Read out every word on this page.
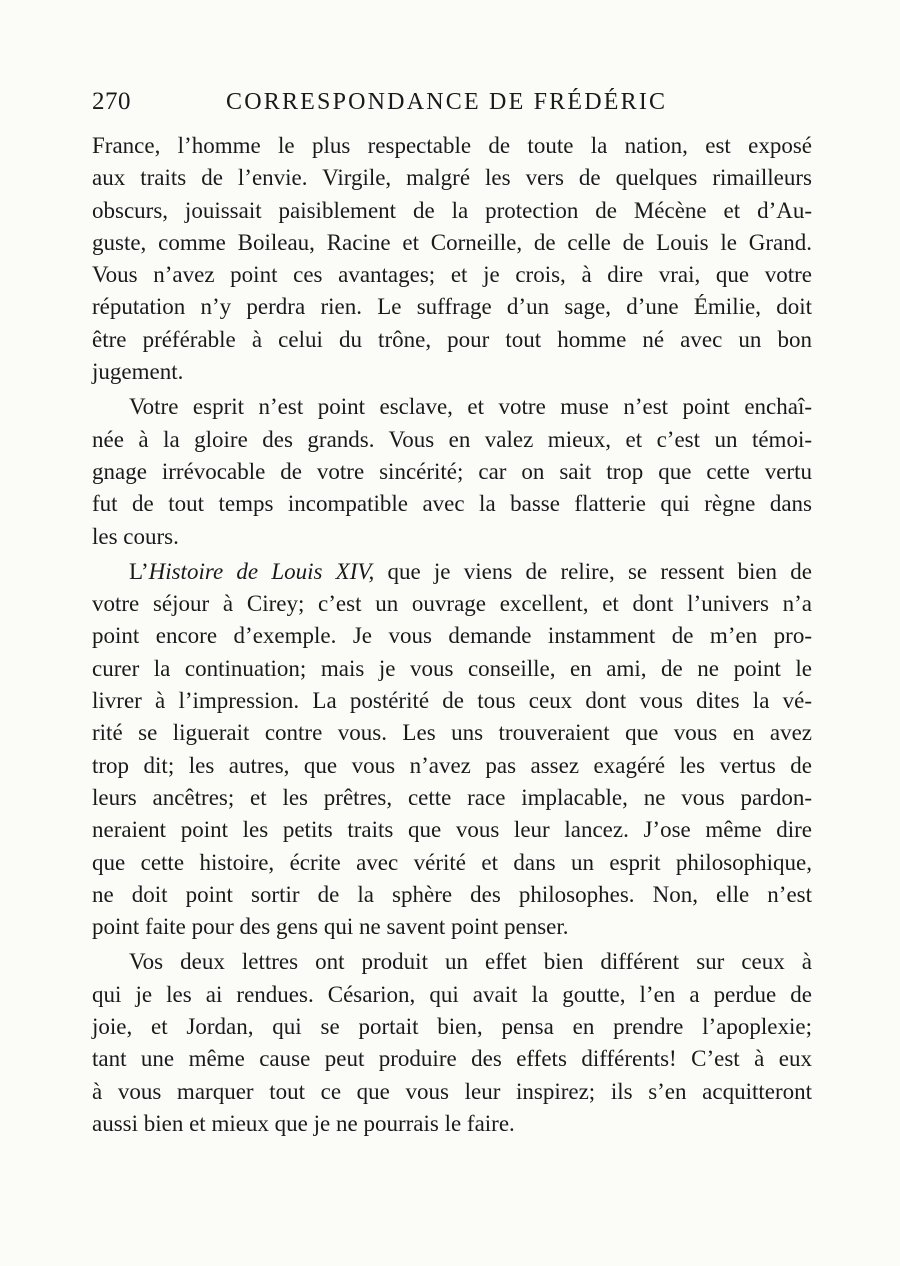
270	CORRESPONDANCE DE FRÉDÉRIC

France, l’homme le plus respectable de toute la nation, est exposé
aux traits de l’envie. Virgile, malgré les vers de quelques rimailleurs
obscurs, jouissait paisiblement de la protection de Mécène et d’Au-
guste, comme Boileau, Racine et Corneille, de celle de Louis le Grand.
Vous n’avez point ces avantages; et je crois, à dire vrai, que votre
réputation n’y perdra rien. Le suffrage d’un sage, d’une Émilie, doit
être préférable à celui du trône, pour tout homme né avec un bon
jugement.

Votre esprit n’est point esclave, et votre muse n’est point enchaî-
née à la gloire des grands. Vous en valez mieux, et c’est un témoi-
gnage irrévocable de votre sincérité; car on sait trop que cette vertu
fut de tout temps incompatible avec la basse flatterie qui règne dans
les cours.

L’Histoire de Louis XIV, que je viens de relire, se ressent bien de
votre séjour à Cirey; c’est un ouvrage excellent, et dont l’univers n’a
point encore d’exemple. Je vous demande instamment de m’en pro-
curer la continuation; mais je vous conseille, en ami, de ne point le
livrer à l’impression. La postérité de tous ceux dont vous dites la vé-
rité se liguerait contre vous. Les uns trouveraient que vous en avez
trop dit; les autres, que vous n’avez pas assez exagéré les vertus de
leurs ancêtres; et les prêtres, cette race implacable, ne vous pardon-
neraient point les petits traits que vous leur lancez. J’ose même dire
que cette histoire, écrite avec vérité et dans un esprit philosophique,
ne doit point sortir de la sphère des philosophes. Non, elle n’est
point faite pour des gens qui ne savent point penser.

Vos deux lettres ont produit un effet bien différent sur ceux à
qui je les ai rendues. Césarion, qui avait la goutte, l’en a perdue de
joie, et Jordan, qui se portait bien, pensa en prendre l’apoplexie;
tant une même cause peut produire des effets différents! C’est à eux
à vous marquer tout ce que vous leur inspirez; ils s’en acquitteront
aussi bien et mieux que je ne pourrais le faire.
